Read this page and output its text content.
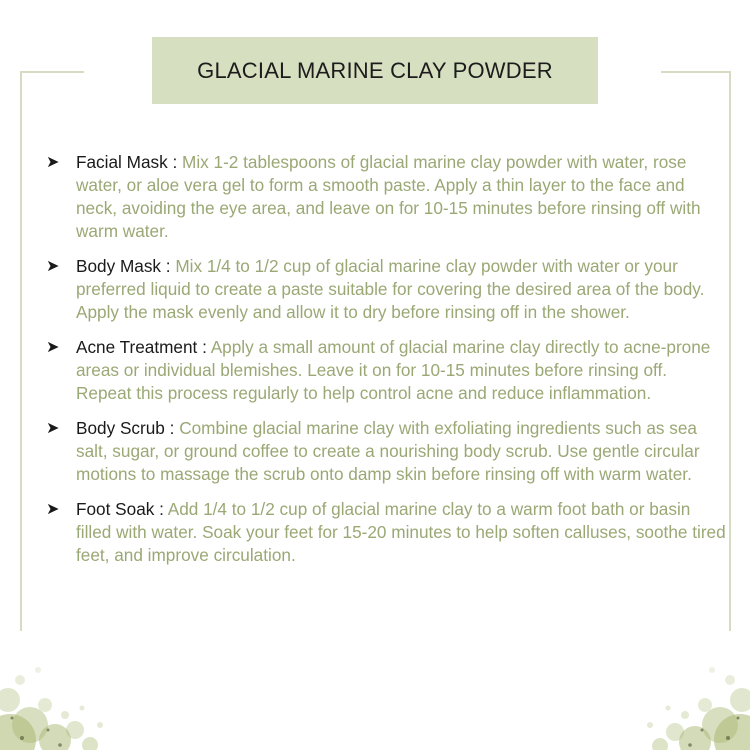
GLACIAL MARINE CLAY POWDER
➤ Facial Mask : Mix 1-2 tablespoons of glacial marine clay powder with water, rose water, or aloe vera gel to form a smooth paste. Apply a thin layer to the face and neck, avoiding the eye area, and leave on for 10-15 minutes before rinsing off with warm water.
➤ Body Mask : Mix 1/4 to 1/2 cup of glacial marine clay powder with water or your preferred liquid to create a paste suitable for covering the desired area of the body. Apply the mask evenly and allow it to dry before rinsing off in the shower.
➤ Acne Treatment : Apply a small amount of glacial marine clay directly to acne-prone areas or individual blemishes. Leave it on for 10-15 minutes before rinsing off. Repeat this process regularly to help control acne and reduce inflammation.
➤ Body Scrub : Combine glacial marine clay with exfoliating ingredients such as sea salt, sugar, or ground coffee to create a nourishing body scrub. Use gentle circular motions to massage the scrub onto damp skin before rinsing off with warm water.
➤ Foot Soak : Add 1/4 to 1/2 cup of glacial marine clay to a warm foot bath or basin filled with water. Soak your feet for 15-20 minutes to help soften calluses, soothe tired feet, and improve circulation.
